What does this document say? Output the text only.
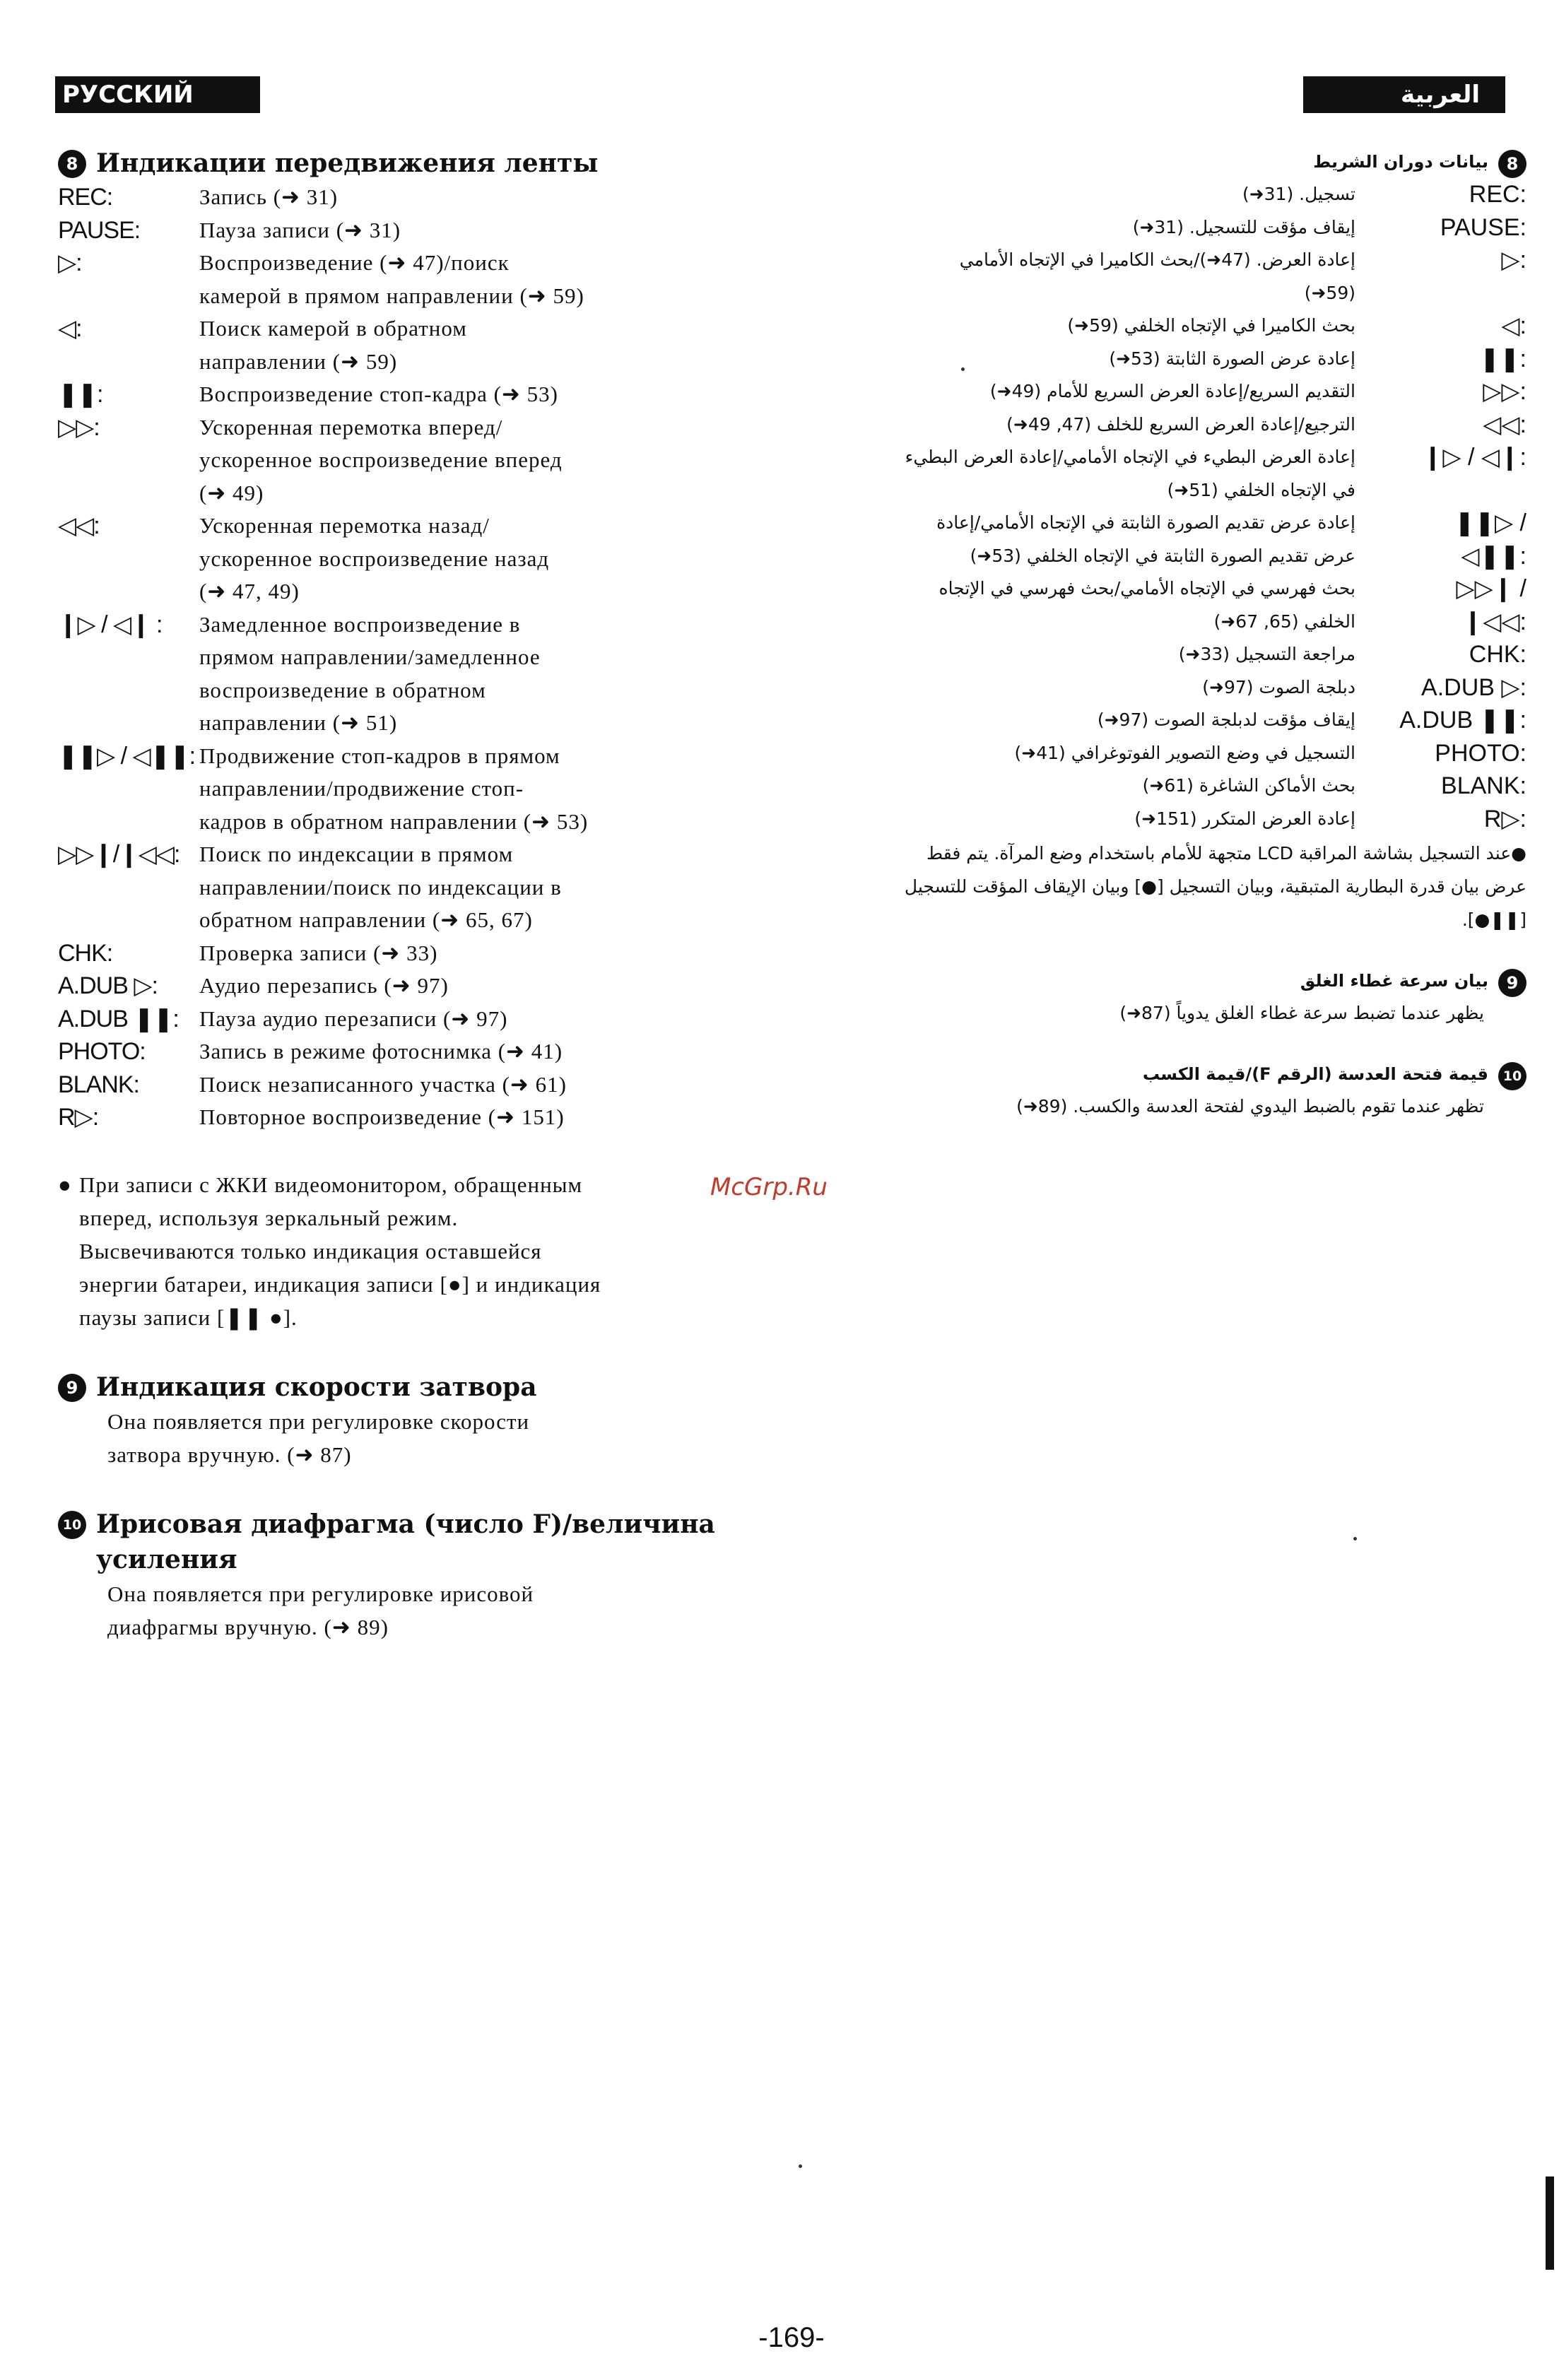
РУССКИЙ ЯЗЫК
العربية
8 Индикации передвижения ленты
REC:	Запись (➜ 31)
PAUSE:	Пауза записи (➜ 31)
▷:	Воспроизведение (➜ 47)/поиск
камерой в прямом направлении (➜ 59)
◁:	Поиск камерой в обратном
направлении (➜ 59)
❚❚:	Воспроизведение стоп-кадра (➜ 53)
▷▷:	Ускоренная перемотка вперед/
ускоренное воспроизведение вперед
(➜ 49)
◁◁:	Ускоренная перемотка назад/
ускоренное воспроизведение назад
(➜ 47, 49)
❙▷ / ◁❙ :	Замедленное воспроизведение в
прямом направлении/замедленное
воспроизведение в обратном
направлении (➜ 51)
❚❚▷ / ◁❚❚: Продвижение стоп-кадров в прямом
направлении/продвижение стоп-
кадров в обратном направлении (➜ 53)
▷▷❙/❙◁◁: Поиск по индексации в прямом
направлении/поиск по индексации в
обратном направлении (➜ 65, 67)
CHK:	Проверка записи (➜ 33)
A.DUB ▷:	Аудио перезапись (➜ 97)
A.DUB ❚❚: Пауза аудио перезаписи (➜ 97)
PHOTO:	Запись в режиме фотоснимка (➜ 41)
BLANK:	Поиск незаписанного участка (➜ 61)
R▷:	Повторное воспроизведение (➜ 151)
● При записи с ЖКИ видеомонитором, обращенным
вперед, используя зеркальный режим.
Высвечиваются только индикация оставшейся
энергии батареи, индикация записи [●] и индикация
паузы записи [❚❚ ●].
9 Индикация скорости затвора
Она появляется при регулировке скорости
затвора вручную. (➜ 87)
10 Ирисовая диафрагма (число F)/величина
усиления
Она появляется при регулировке ирисовой
диафрагмы вручную. (➜ 89)
McGrp.Ru
8
بيانات دوران الشريط
REC:
تسجيل. (31➜)
PAUSE:
إيقاف مؤقت للتسجيل. (31➜)
▷:
إعادة العرض. (47➜)/بحث الكاميرا في الإتجاه الأمامي
(59➜)
◁:
بحث الكاميرا في الإتجاه الخلفي (59➜)
❚❚:
إعادة عرض الصورة الثابتة (53➜)
▷▷:
التقديم السريع/إعادة العرض السريع للأمام (49➜)
◁◁:
الترجيع/إعادة العرض السريع للخلف (47, 49➜)
❙▷ / ◁❙:
إعادة العرض البطيء في الإتجاه الأمامي/إعادة العرض البطيء
في الإتجاه الخلفي (51➜)
❚❚▷ / ◁❚❚:
إعادة عرض تقديم الصورة الثابتة في الإتجاه الأمامي/إعادة
عرض تقديم الصورة الثابتة في الإتجاه الخلفي (53➜)
▷▷❙ / ❙◁◁:
بحث فهرسي في الإتجاه الأمامي/بحث فهرسي في الإتجاه
الخلفي (65, 67➜)
CHK:
مراجعة التسجيل (33➜)
A.DUB ▷:
دبلجة الصوت (97➜)
A.DUB ❚❚:
إيقاف مؤقت لدبلجة الصوت (97➜)
PHOTO:
التسجيل في وضع التصوير الفوتوغرافي (41➜)
BLANK:
بحث الأماكن الشاغرة (61➜)
R▷:
إعادة العرض المتكرر (151➜)
●عند التسجيل بشاشة المراقبة LCD متجهة للأمام باستخدام وضع المرآة. يتم فقط
عرض بيان قدرة البطارية المتبقية، وبيان التسجيل [●] وبيان الإيقاف المؤقت للتسجيل
[❚❚●].
9
بيان سرعة غطاء الغلق
يظهر عندما تضبط سرعة غطاء الغلق يدوياً (87➜)
10
قيمة فتحة العدسة (الرقم F)/قيمة الكسب
تظهر عندما تقوم بالضبط اليدوي لفتحة العدسة والكسب. (89➜)
-169-
